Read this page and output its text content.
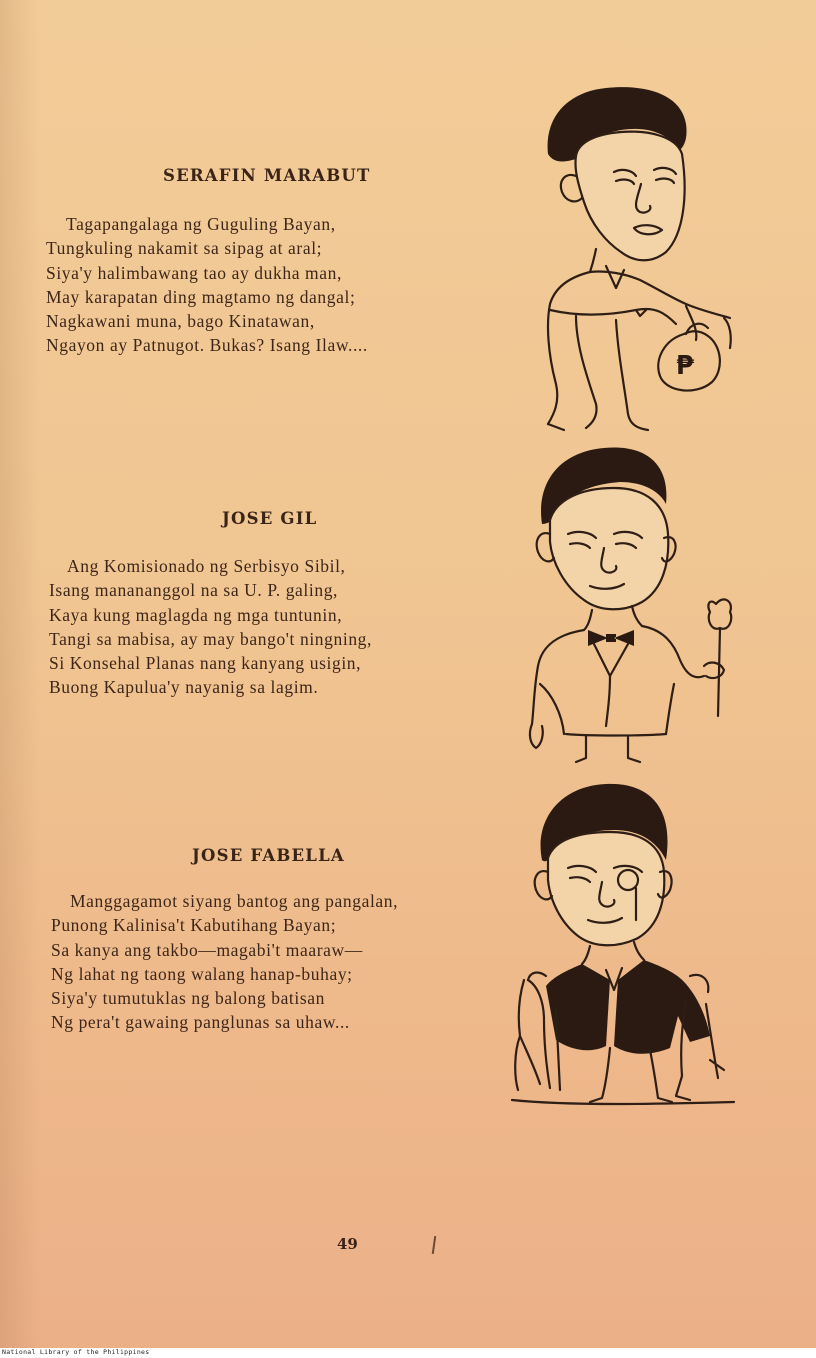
SERAFIN MARABUT
Tagapangalaga ng Guguling Bayan,
Tungkuling nakamit sa sipag at aral;
Siya'y halimbawang tao ay dukha man,
May karapatan ding magtamo ng dangal;
Nagkawani muna, bago Kinatawan,
Ngayon ay Patnugot. Bukas? Isang Ilaw....
₱
JOSE GIL
Ang Komisionado ng Serbisyo Sibil,
Isang manananggol na sa U. P. galing,
Kaya kung maglagda ng mga tuntunin,
Tangi sa mabisa, ay may bango't ningning,
Si Konsehal Planas nang kanyang usigin,
Buong Kapulua'y nayanig sa lagim.
JOSE FABELLA
Manggagamot siyang bantog ang pangalan,
Punong Kalinisa't Kabutihang Bayan;
Sa kanya ang takbo—magabi't maaraw—
Ng lahat ng taong walang hanap-buhay;
Siya'y tumutuklas ng balong batisan
Ng pera't gawaing panglunas sa uhaw...
49
National Library of the Philippines
